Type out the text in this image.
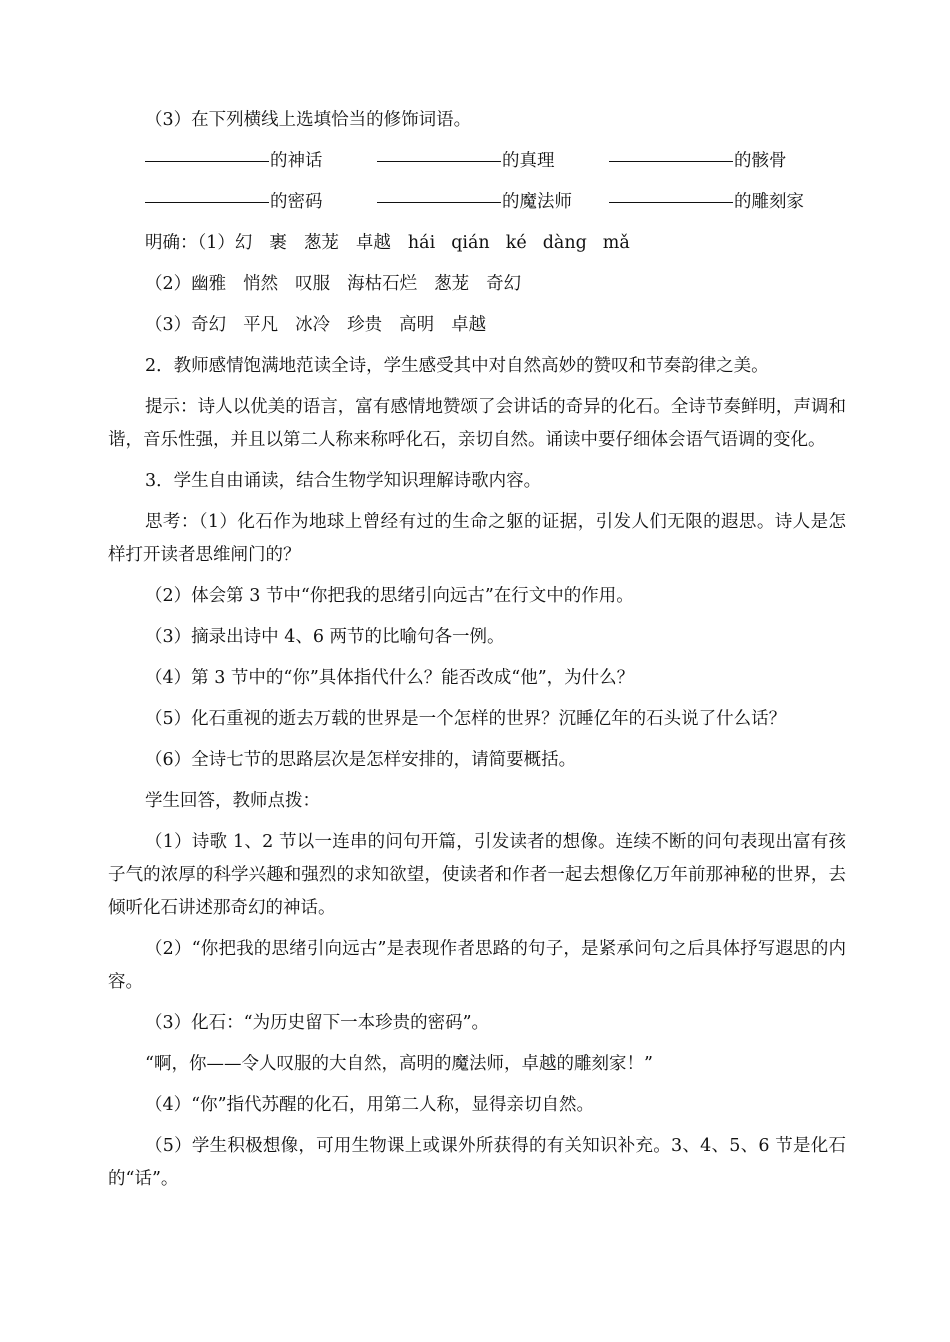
（3）在下列横线上选填恰当的修饰词语。

的神话	的真理	的骸骨
的密码	的魔法师	的雕刻家

明确：（1）幻 裹 葱茏 卓越 hái qián ké dàng mǎ

（2）幽雅 悄然 叹服 海枯石烂 葱茏 奇幻

（3）奇幻 平凡 冰冷 珍贵 高明 卓越

2．教师感情饱满地范读全诗，学生感受其中对自然高妙的赞叹和节奏韵律之美。

提示：诗人以优美的语言，富有感情地赞颂了会讲话的奇异的化石。全诗节奏鲜明，声调和谐，音乐性强，并且以第二人称来称呼化石，亲切自然。诵读中要仔细体会语气语调的变化。

3．学生自由诵读，结合生物学知识理解诗歌内容。

思考：（1）化石作为地球上曾经有过的生命之躯的证据，引发人们无限的遐思。诗人是怎样打开读者思维闸门的？

（2）体会第 3 节中“你把我的思绪引向远古”在行文中的作用。

（3）摘录出诗中 4、6 两节的比喻句各一例。

（4）第 3 节中的“你”具体指代什么？能否改成“他”，为什么？

（5）化石重视的逝去万载的世界是一个怎样的世界？沉睡亿年的石头说了什么话？

（6）全诗七节的思路层次是怎样安排的，请简要概括。

学生回答，教师点拨：

（1）诗歌 1、2 节以一连串的问句开篇，引发读者的想像。连续不断的问句表现出富有孩子气的浓厚的科学兴趣和强烈的求知欲望，使读者和作者一起去想像亿万年前那神秘的世界，去倾听化石讲述那奇幻的神话。

（2）“你把我的思绪引向远古”是表现作者思路的句子，是紧承问句之后具体抒写遐思的内容。

（3）化石：“为历史留下一本珍贵的密码”。

“啊，你——令人叹服的大自然，高明的魔法师，卓越的雕刻家！”

（4）“你”指代苏醒的化石，用第二人称，显得亲切自然。

（5）学生积极想像，可用生物课上或课外所获得的有关知识补充。3、4、5、6 节是化石的“话”。
